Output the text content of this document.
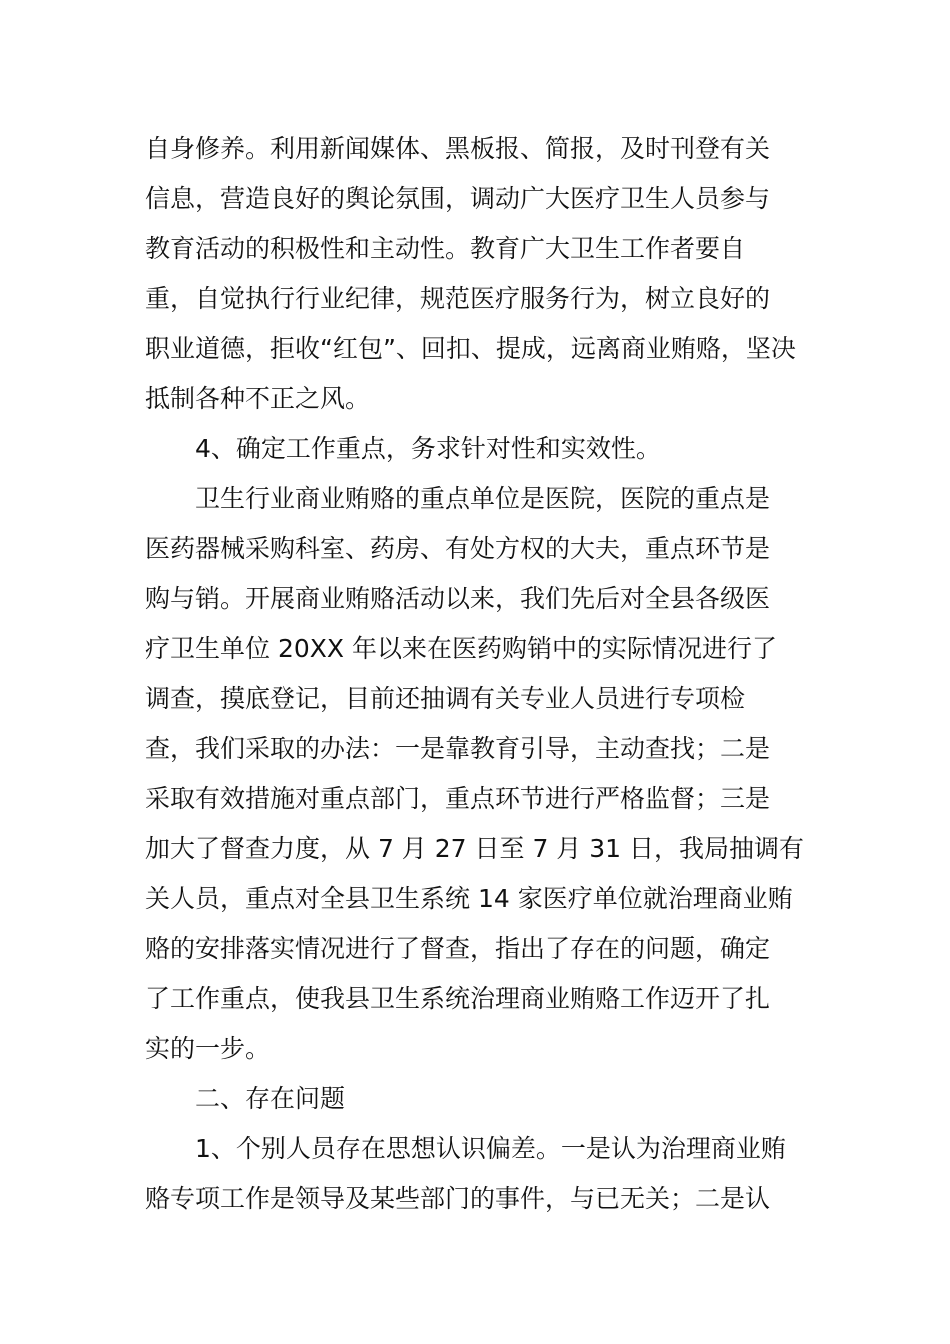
自身修养。利用新闻媒体、黑板报、简报，及时刊登有关
信息，营造良好的舆论氛围，调动广大医疗卫生人员参与
教育活动的积极性和主动性。教育广大卫生工作者要自
重，自觉执行行业纪律，规范医疗服务行为，树立良好的
职业道德，拒收“红包”、回扣、提成，远离商业贿赂，坚决
抵制各种不正之风。
4、确定工作重点，务求针对性和实效性。
卫生行业商业贿赂的重点单位是医院，医院的重点是
医药器械采购科室、药房、有处方权的大夫，重点环节是
购与销。开展商业贿赂活动以来，我们先后对全县各级医
疗卫生单位 20XX 年以来在医药购销中的实际情况进行了
调查，摸底登记，目前还抽调有关专业人员进行专项检
查，我们采取的办法：一是靠教育引导，主动查找；二是
采取有效措施对重点部门，重点环节进行严格监督；三是
加大了督查力度，从 7 月 27 日至 7 月 31 日，我局抽调有
关人员，重点对全县卫生系统 14 家医疗单位就治理商业贿
赂的安排落实情况进行了督查，指出了存在的问题，确定
了工作重点，使我县卫生系统治理商业贿赂工作迈开了扎
实的一步。
二、存在问题
1、个别人员存在思想认识偏差。一是认为治理商业贿
赂专项工作是领导及某些部门的事件，与已无关；二是认
